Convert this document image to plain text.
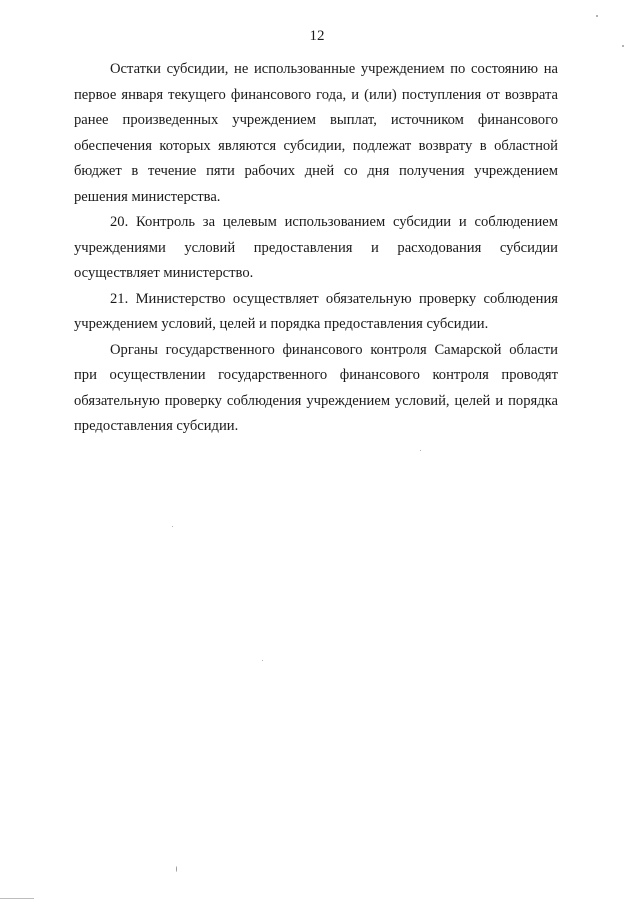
12

Остатки субсидии, не использованные учреждением по состоянию на первое января текущего финансового года, и (или) поступления от возврата ранее произведенных учреждением выплат, источником финансового обеспечения которых являются субсидии, подлежат возврату в областной бюджет в течение пяти рабочих дней со дня получения учреждением решения министерства.

20. Контроль за целевым использованием субсидии и соблюдением учреждениями условий предоставления и расходования субсидии осуществляет министерство.

21. Министерство осуществляет обязательную проверку соблюдения учреждением условий, целей и порядка предоставления субсидии.

Органы государственного финансового контроля Самарской области при осуществлении государственного финансового контроля проводят обязательную проверку соблюдения учреждением условий, целей и порядка предоставления субсидии.
